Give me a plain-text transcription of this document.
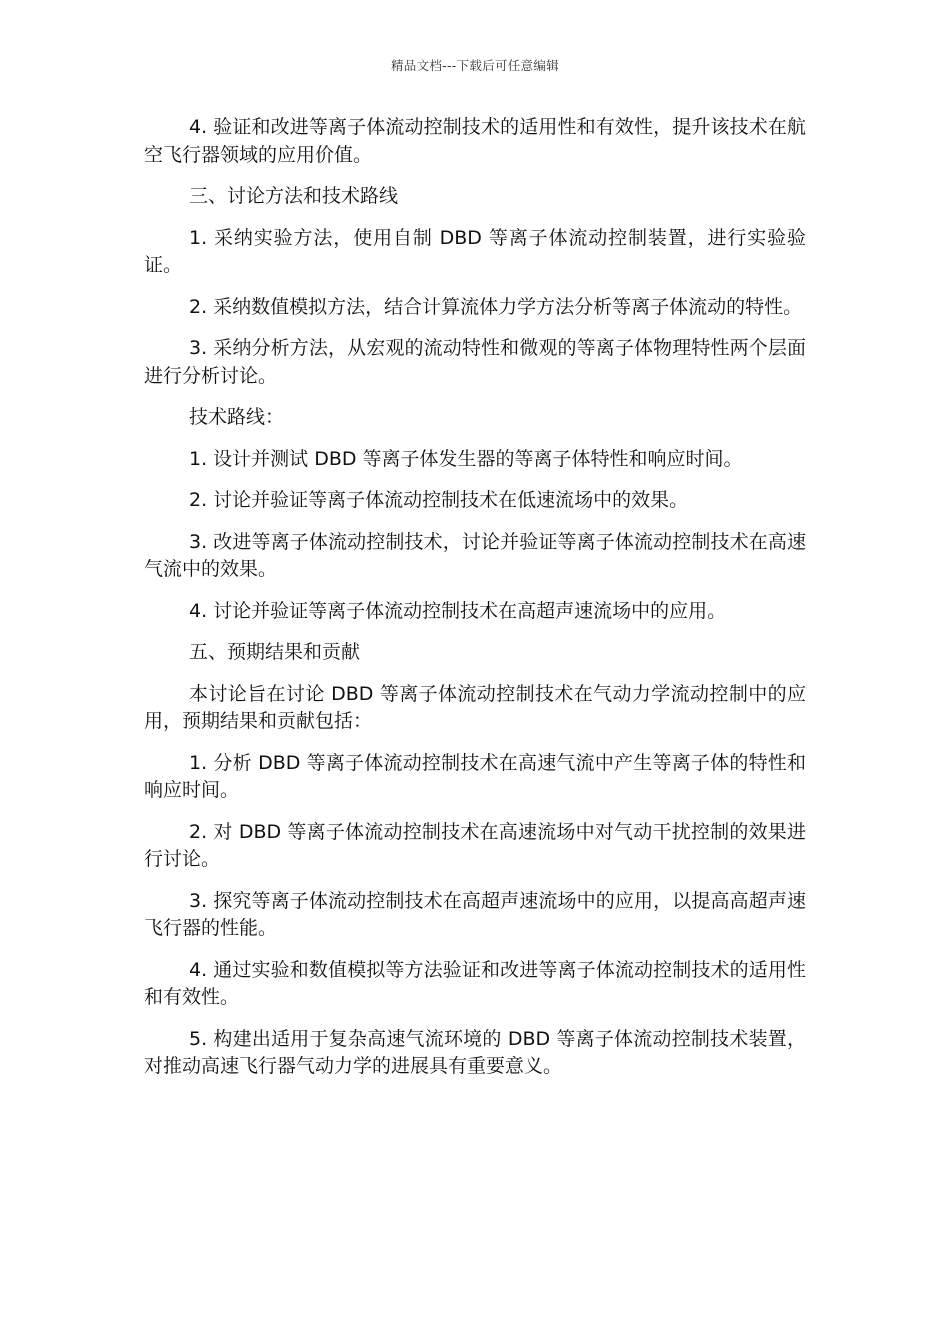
精品文档---下载后可任意编辑

4. 验证和改进等离子体流动控制技术的适用性和有效性，提升该技术在航空飞行器领域的应用价值。

三、讨论方法和技术路线

1. 采纳实验方法，使用自制 DBD 等离子体流动控制装置，进行实验验证。

2. 采纳数值模拟方法，结合计算流体力学方法分析等离子体流动的特性。

3. 采纳分析方法，从宏观的流动特性和微观的等离子体物理特性两个层面进行分析讨论。

技术路线：

1. 设计并测试 DBD 等离子体发生器的等离子体特性和响应时间。

2. 讨论并验证等离子体流动控制技术在低速流场中的效果。

3. 改进等离子体流动控制技术，讨论并验证等离子体流动控制技术在高速气流中的效果。

4. 讨论并验证等离子体流动控制技术在高超声速流场中的应用。

五、预期结果和贡献

本讨论旨在讨论 DBD 等离子体流动控制技术在气动力学流动控制中的应用，预期结果和贡献包括：

1. 分析 DBD 等离子体流动控制技术在高速气流中产生等离子体的特性和响应时间。

2. 对 DBD 等离子体流动控制技术在高速流场中对气动干扰控制的效果进行讨论。

3. 探究等离子体流动控制技术在高超声速流场中的应用，以提高高超声速飞行器的性能。

4. 通过实验和数值模拟等方法验证和改进等离子体流动控制技术的适用性和有效性。

5. 构建出适用于复杂高速气流环境的 DBD 等离子体流动控制技术装置，对推动高速飞行器气动力学的进展具有重要意义。
